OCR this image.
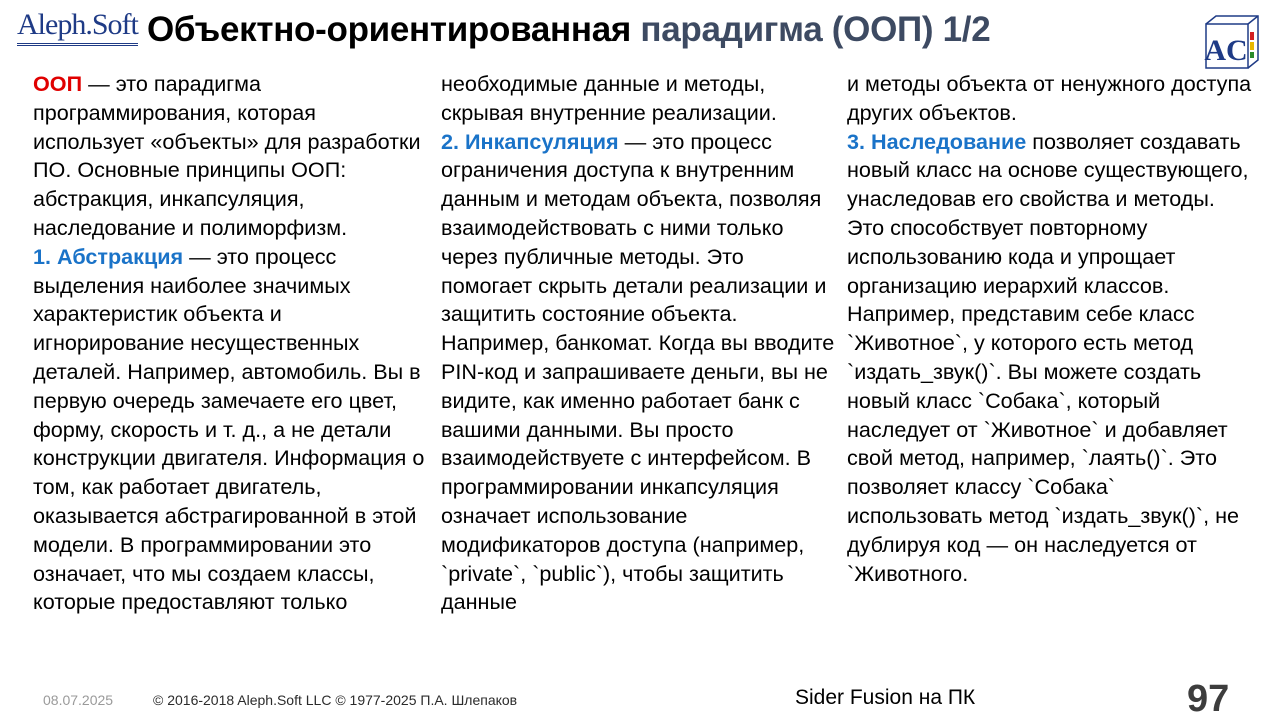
Aleph.Soft Объектно-ориентированная парадигма (ООП) 1/2
AС

ООП — это парадигма программирования, которая использует «объекты» для разработки ПО. Основные принципы ООП: абстракция, инкапсуляция, наследование и полиморфизм.

1. Абстракция — это процесс выделения наиболее значимых характеристик объекта и игнорирование несущественных деталей. Например, автомобиль. Вы в первую очередь замечаете его цвет, форму, скорость и т. д., а не детали конструкции двигателя. Информация о том, как работает двигатель, оказывается абстрагированной в этой модели. В программировании это означает, что мы создаем классы, которые предоставляют только

необходимые данные и методы, скрывая внутренние реализации.

2. Инкапсуляция — это процесс ограничения доступа к внутренним данным и методам объекта, позволяя взаимодействовать с ними только через публичные методы. Это помогает скрыть детали реализации и защитить состояние объекта. Например, банкомат. Когда вы вводите PIN-код и запрашиваете деньги, вы не видите, как именно работает банк с вашими данными. Вы просто взаимодействуете с интерфейсом. В программировании инкапсуляция означает использование модификаторов доступа (например, `private`, `public`), чтобы защитить данные

и методы объекта от ненужного доступа других объектов.

3. Наследование позволяет создавать новый класс на основе существующего, унаследовав его свойства и методы. Это способствует повторному использованию кода и упрощает организацию иерархий классов. Например, представим себе класс `Животное`, у которого есть метод `издать_звук()`. Вы можете создать новый класс `Собака`, который наследует от `Животное` и добавляет свой метод, например, `лаять()`. Это позволяет классу `Собака` использовать метод `издать_звук()`, не дублируя код — он наследуется от `Животного.

08.07.2025	© 2016-2018 Aleph.Soft LLC © 1977-2025 П.А. Шлепаков	Sider Fusion на ПК	97
